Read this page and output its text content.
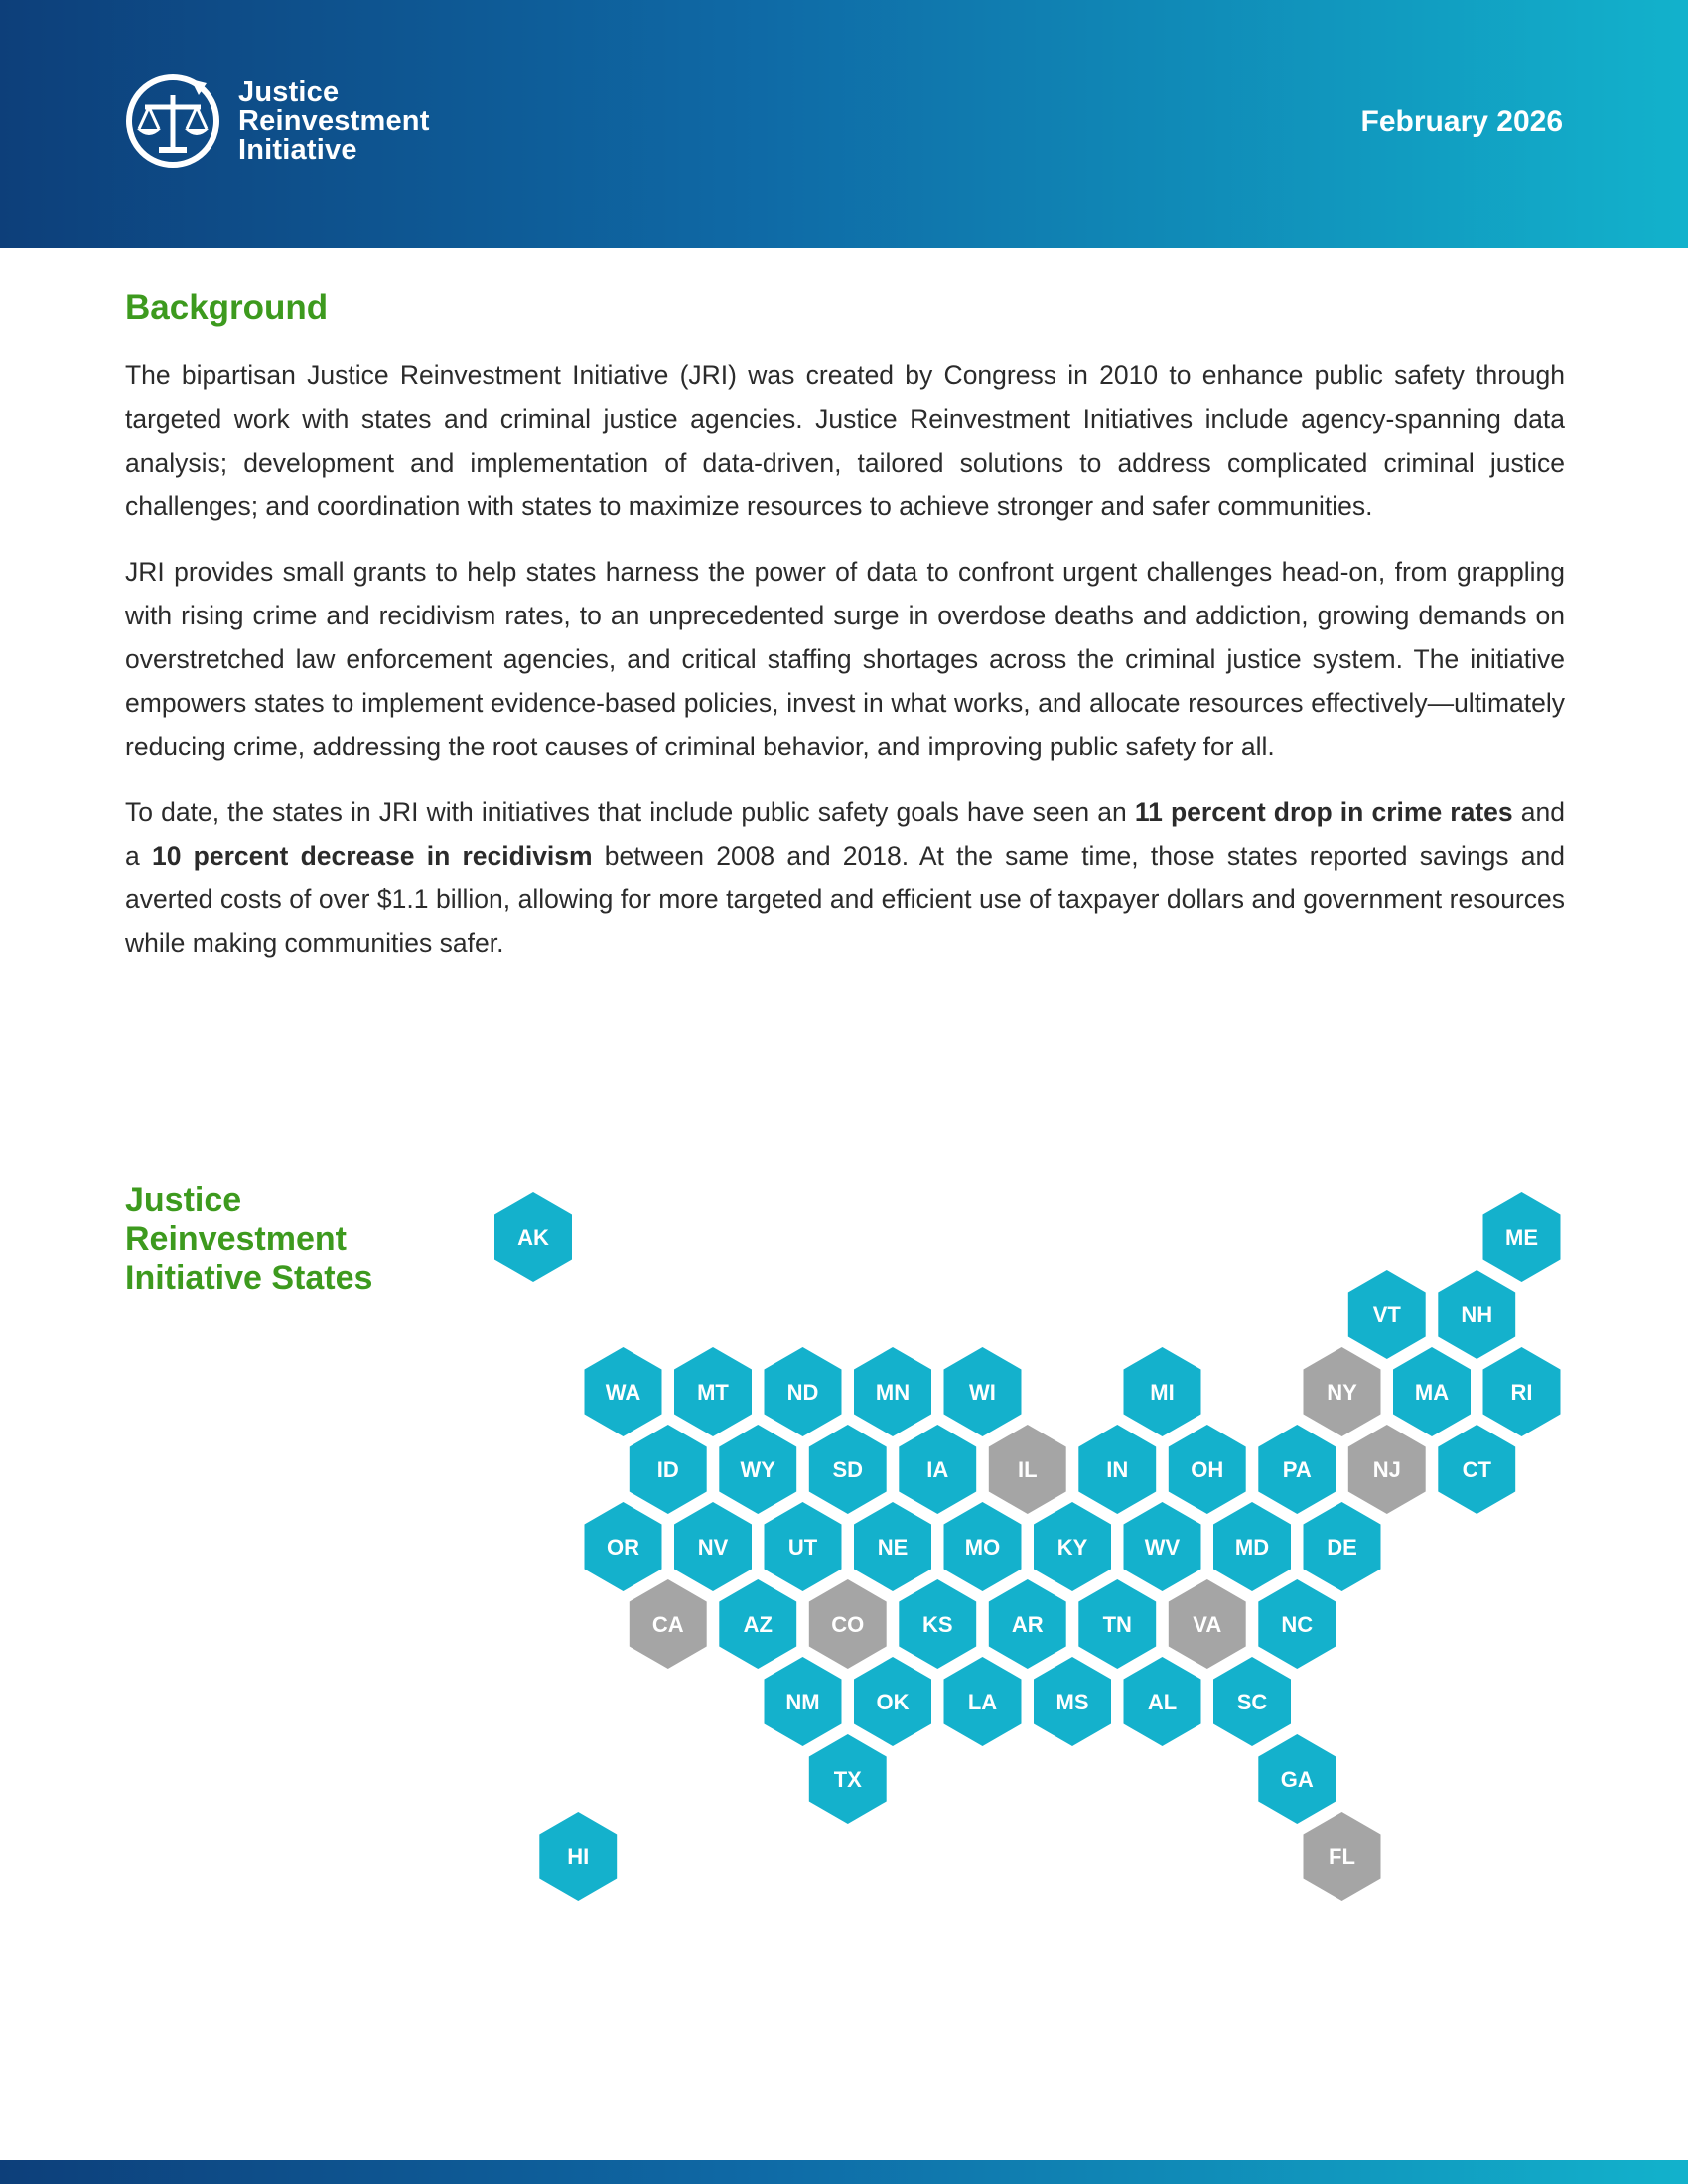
Justice
Reinvestment
Initiative
February 2026
Background

The bipartisan Justice Reinvestment Initiative (JRI) was created by Congress in 2010 to enhance public safety through targeted work with states and criminal justice agencies. Justice Reinvestment Initiatives include agency-spanning data analysis; development and implementation of data-driven, tailored solutions to address complicated criminal justice challenges; and coordination with states to maximize resources to achieve stronger and safer communities.

JRI provides small grants to help states harness the power of data to confront urgent challenges head-on, from grappling with rising crime and recidivism rates, to an unprecedented surge in overdose deaths and addiction, growing demands on overstretched law enforcement agencies, and critical staffing shortages across the criminal justice system. The initiative empowers states to implement evidence-based policies, invest in what works, and allocate resources effectively—ultimately reducing crime, addressing the root causes of criminal behavior, and improving public safety for all.

To date, the states in JRI with initiatives that include public safety goals have seen an 11 percent drop in crime rates and a 10 percent decrease in recidivism between 2008 and 2018. At the same time, those states reported savings and averted costs of over $1.1 billion, allowing for more targeted and efficient use of taxpayer dollars and government resources while making communities safer.

Justice
Reinvestment
Initiative States
AK	ME
VT	NH
WA	MT	ND	MN	WI	MI	NY	MA	RI
ID	WY	SD	IA	IL	IN	OH	PA	NJ	CT
OR	NV	UT	NE	MO	KY	WV	MD	DE
CA	AZ	CO	KS	AR	TN	VA	NC
NM	OK	LA	MS	AL	SC
TX	GA
HI	FL
